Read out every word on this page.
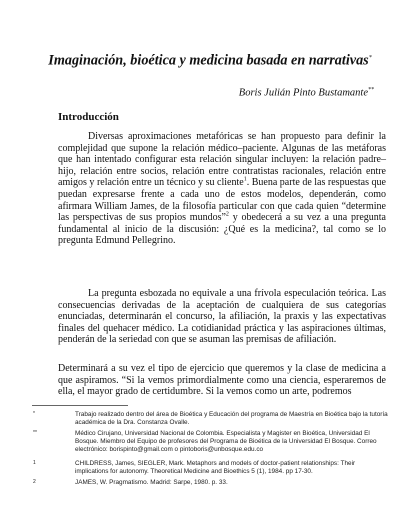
Imaginación, bioética y medicina basada en narrativas*
Boris Julián Pinto Bustamante**
Introducción

Diversas aproximaciones metafóricas se han propuesto para definir la complejidad que supone la relación médico–paciente. Algunas de las metáforas que han intentado configurar esta relación singular incluyen: la relación padre–hijo, relación entre socios, relación entre contratistas racionales, relación entre amigos y relación entre un técnico y su cliente$^1$. Buena parte de las respuestas que puedan expresarse frente a cada uno de estos modelos, dependerán, como afirmara William James, de la filosofía particular con que cada quien “determine las perspectivas de sus propios mundos”$^2$ y obedecerá a su vez a una pregunta fundamental al inicio de la discusión: ¿Qué es la medicina?, tal como se lo pregunta Edmund Pellegrino.

La pregunta esbozada no equivale a una frívola especulación teórica. Las consecuencias derivadas de la aceptación de cualquiera de sus categorías enunciadas, determinarán el concurso, la afiliación, la praxis y las expectativas finales del quehacer médico. La cotidianidad práctica y las aspiraciones últimas, penderán de la seriedad con que se asuman las premisas de afiliación.

Determinará a su vez el tipo de ejercicio que queremos y la clase de medicina a que aspiramos. “Si la vemos primordialmente como una ciencia, esperaremos de ella, el mayor grado de certidumbre. Si la vemos como un arte, podremos

*	Trabajo realizado dentro del área de Bioética y Educación del programa de Maestría en Bioética bajo la tutoría académica de la Dra. Constanza Ovalle.
**	Médico Cirujano, Universidad Nacional de Colombia. Especialista y Magister en Bioética, Universidad El Bosque. Miembro del Equipo de profesores del Programa de Bioética de la Universidad El Bosque. Correo electrónico: borispinto@gmail.com o pintoboris@unbosque.edu.co
1	CHILDRESS, James, SIEGLER, Mark. Metaphors and models of doctor-patient relationships: Their implications for autonomy. Theoretical Medicine and Bioethics 5 (1), 1984. pp 17-30.
2	JAMES, W. Pragmatismo. Madrid: Sarpe, 1980. p. 33.
